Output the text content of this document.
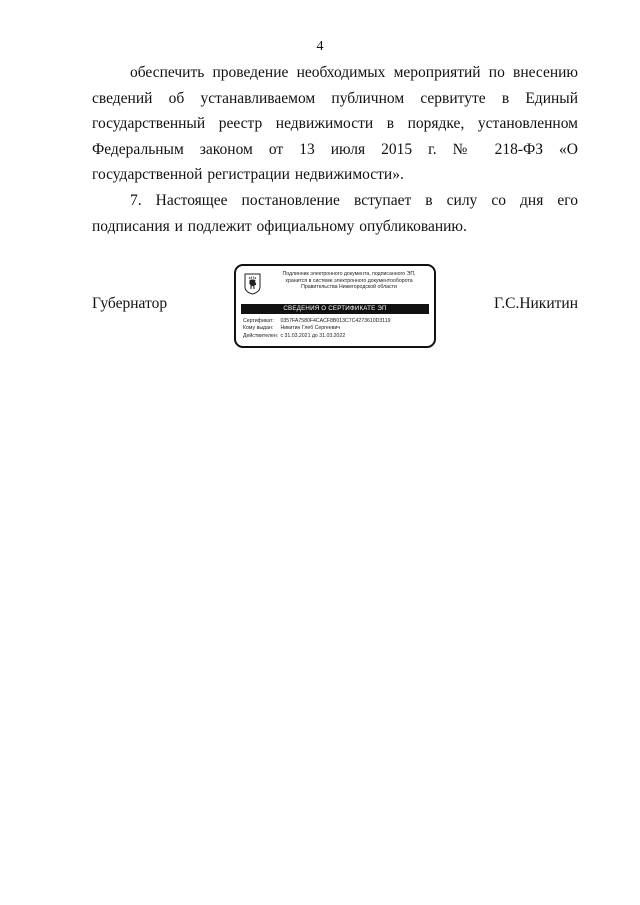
4

обеспечить проведение необходимых мероприятий по внесению сведений об устанавливаемом публичном сервитуте в Единый государственный реестр недвижимости в порядке, установленном Федеральным законом от 13 июля 2015 г. № 218-ФЗ «О государственной регистрации недвижимости».

7. Настоящее постановление вступает в силу со дня его подписания и подлежит официальному опубликованию.

Губернатор	Г.С.Никитин
Подлинник электронного документа, подписанного ЭП,
хранится в системе электронного документооборота
Правительства Нижегородской области
СВЕДЕНИЯ О СЕРТИФИКАТЕ ЭП
Сертификат: 0357FA7580F4CACF8B013C7C4273610D3119
Кому выдан: Никитин Глеб Сергеевич
Действителен: с 31.03.2021 до 31.03.2022
